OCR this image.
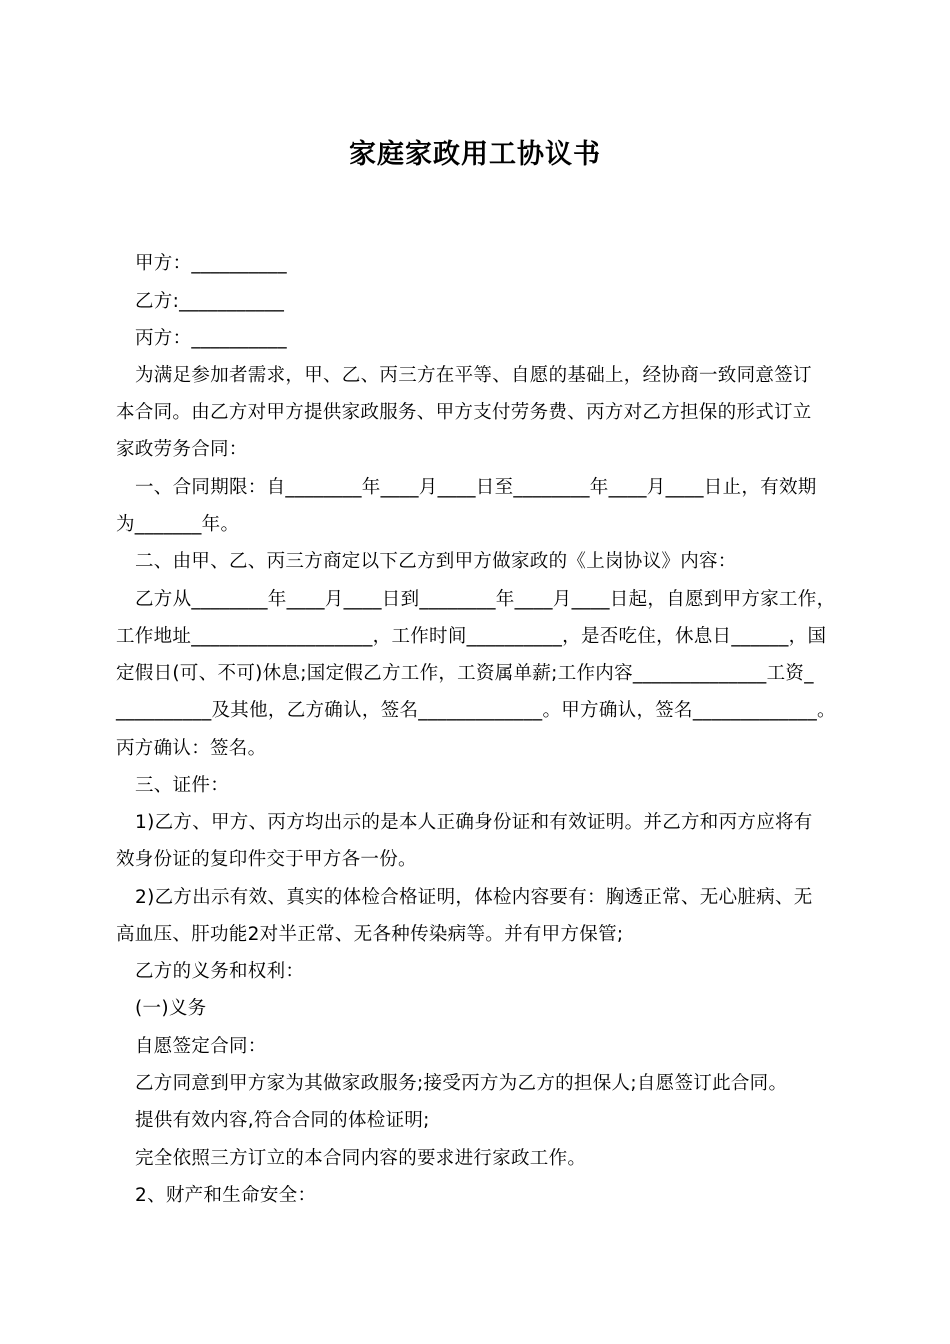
家庭家政用工协议书
甲方：__________
乙方:___________
丙方：__________
为满足参加者需求，甲、乙、丙三方在平等、自愿的基础上，经协商一致同意签订
本合同。由乙方对甲方提供家政服务、甲方支付劳务费、丙方对乙方担保的形式订立
家政劳务合同：
一、合同期限：自________年____月____日至________年____月____日止，有效期
为_______年。
二、由甲、乙、丙三方商定以下乙方到甲方做家政的《上岗协议》内容：
乙方从________年____月____日到________年____月____日起，自愿到甲方家工作，
工作地址___________________，工作时间__________，是否吃住，休息日______，国
定假日(可、不可)休息;国定假乙方工作，工资属单薪;工作内容______________工资_
__________及其他，乙方确认，签名_____________。甲方确认，签名_____________。
丙方确认：签名。
三、证件：
1)乙方、甲方、丙方均出示的是本人正确身份证和有效证明。并乙方和丙方应将有
效身份证的复印件交于甲方各一份。
2)乙方出示有效、真实的体检合格证明，体检内容要有：胸透正常、无心脏病、无
高血压、肝功能2对半正常、无各种传染病等。并有甲方保管;
乙方的义务和权利：
(一)义务
自愿签定合同：
乙方同意到甲方家为其做家政服务;接受丙方为乙方的担保人;自愿签订此合同。
提供有效内容,符合合同的体检证明;
完全依照三方订立的本合同内容的要求进行家政工作。
2、财产和生命安全：
